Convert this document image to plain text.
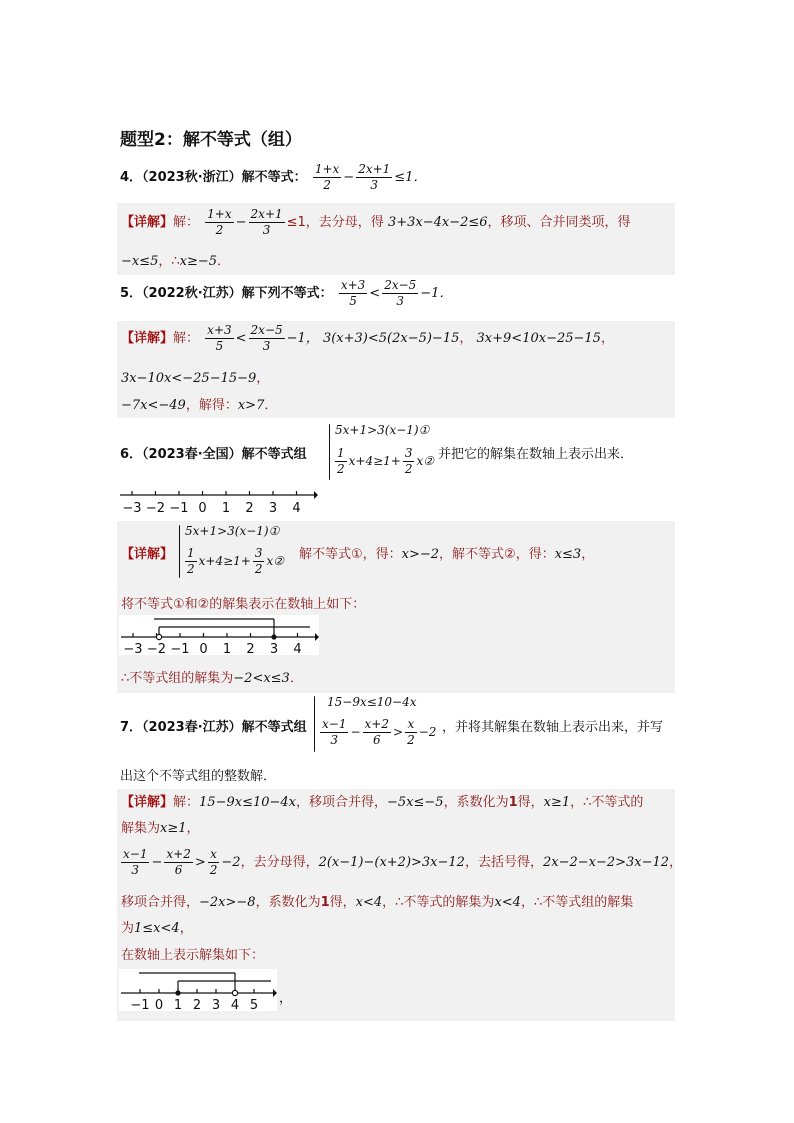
题型2：解不等式（组）
4．（2023秋·浙江）解不等式： $\frac{1+x}{2} - \frac{2x+1}{3} \le 1$．
【详解】解： $\frac{1+x}{2} - \frac{2x+1}{3} \le 1$，去分母，得 3+3x−4x−2≤6，移项、合并同类项，得
−x≤5，∴x≥−5．
5．（2022秋·江苏）解下列不等式： $\frac{x+3}{5} < \frac{2x-5}{3} -1$．
【详解】解： $\frac{x+3}{5} < \frac{2x-5}{3} -1$， 3(x+3)<5(2x−5)−15， 3x+9<10x−25−15，
3x−10x<−25−15−9，
−7x<−49，解得：x>7．
6．（2023春·全国）解不等式组
5x+1>3(x−1)①
$\frac{1}{2} x+4\ge 1+ \frac{3}{2}$ x② 并把它的解集在数轴上表示出来．
−3 −2 −1 0 1 2 3 4
【详解】
5x+1>3(x−1)①
$\frac{1}{2} x+4\ge 1+ \frac{3}{2}$ x② 解不等式①，得：x>−2，解不等式②，得：x≤3，
将不等式①和②的解集表示在数轴上如下：
−3 −2 −1 0 1 2 3 4
∴不等式组的解集为−2<x≤3．
7．（2023春·江苏）解不等式组
15−9x≤10−4x
$\frac{x-1}{3} - \frac{x+2}{6} > \frac{x}{2} -2$ ，并将其解集在数轴上表示出来，并写
出这个不等式组的整数解．
【详解】解：15−9x≤10−4x，移项合并得，−5x≤−5，系数化为1得，x≥1，∴不等式的
解集为x≥1，
$\frac{x-1}{3} - \frac{x+2}{6} > \frac{x}{2} -2$，去分母得，2(x−1)−(x+2)>3x−12，去括号得，2x−2−x−2>3x−12，
移项合并得，−2x>−8，系数化为1得，x<4，∴不等式的解集为x<4，∴不等式组的解集
为1≤x<4，
在数轴上表示解集如下：
−1 0 1 2 3 4 5 ，
